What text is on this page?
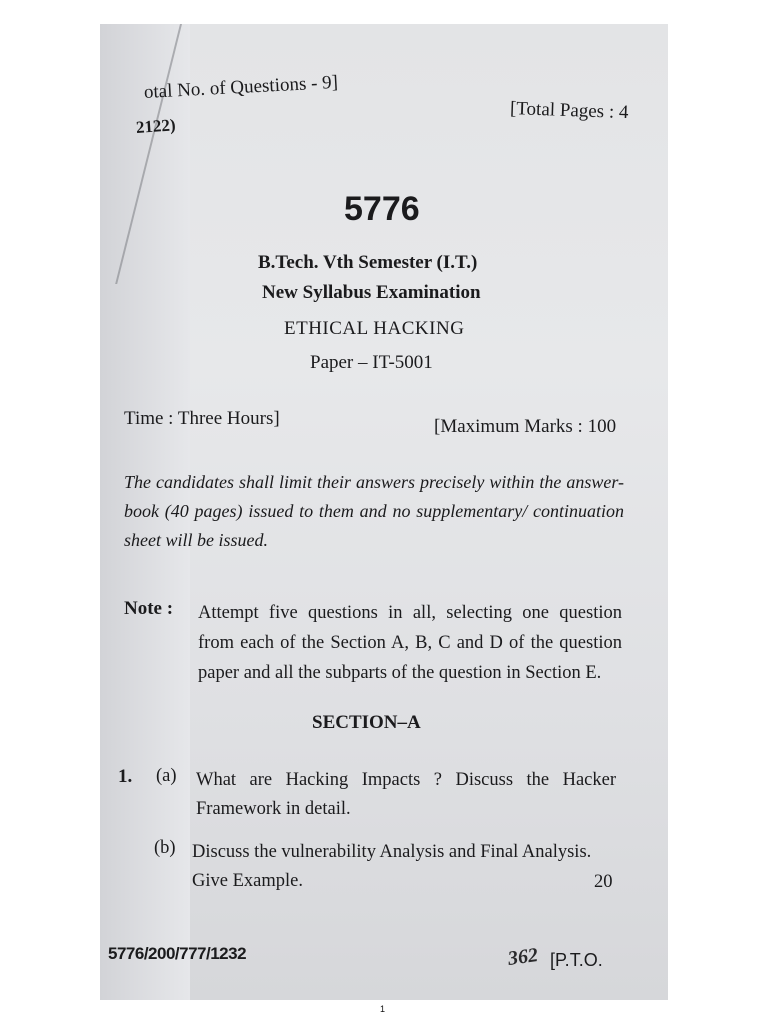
otal No. of Questions - 9]
2122)
[Total Pages : 4
5776
B.Tech. Vth Semester (I.T.)
New Syllabus Examination
ETHICAL HACKING
Paper – IT-5001
Time : Three Hours]	[Maximum Marks : 100
The candidates shall limit their answers precisely within the answer-book (40 pages) issued to them and no supplementary/ continuation sheet will be issued.
Note : Attempt five questions in all, selecting one question from each of the Section A, B, C and D of the question paper and all the subparts of the question in Section E.
SECTION–A
1. (a) What are Hacking Impacts ? Discuss the Hacker Framework in detail.
(b) Discuss the vulnerability Analysis and Final Analysis. Give Example.	20
5776/200/777/1232	362 [P.T.O.
1
